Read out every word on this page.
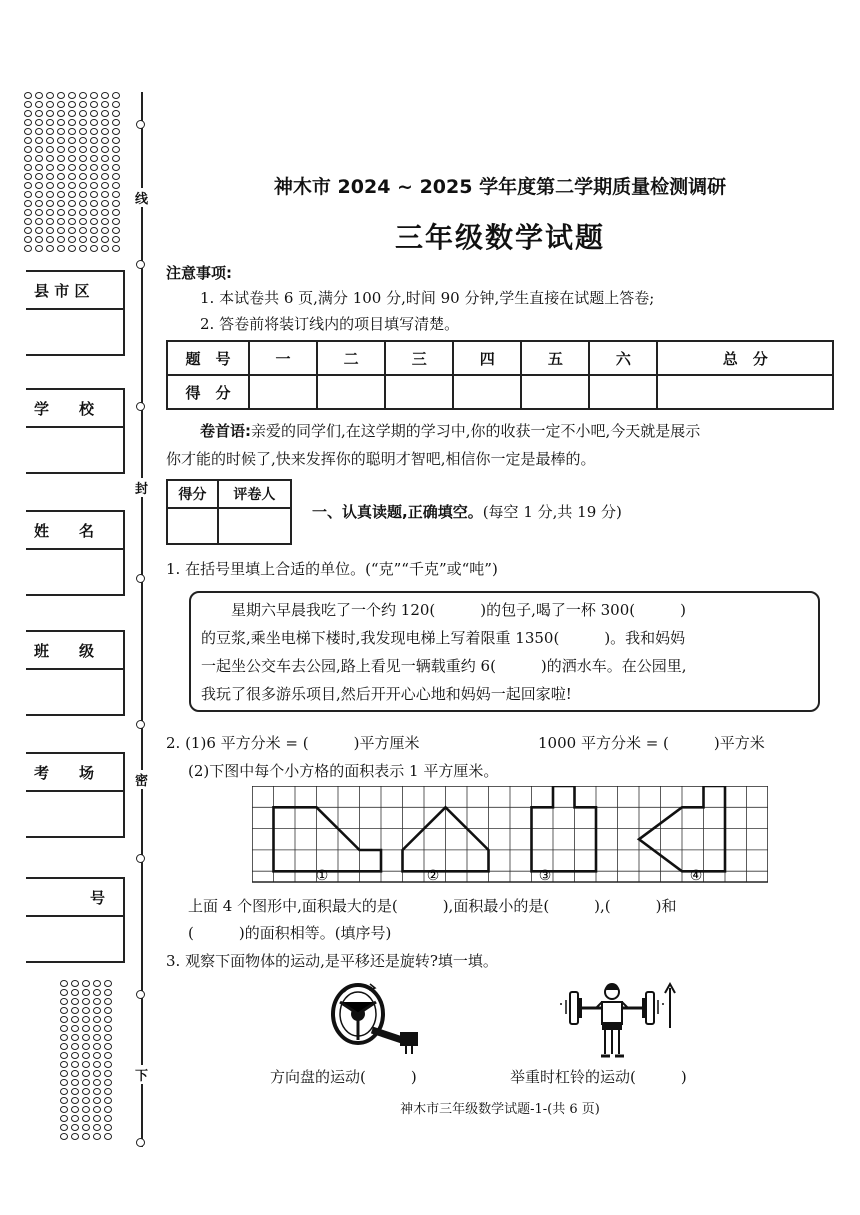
线
封
密
下
县 市 区
学　　校
姓　　名
班　　级
考　　场
号
神木市 2024 ~ 2025 学年度第二学期质量检测调研
三年级数学试题
注意事项:
1. 本试卷共 6 页,满分 100 分,时间 90 分钟,学生直接在试题上答卷;
2. 答卷前将装订线内的项目填写清楚。
题　号	一	二	三	四	五	六	总　分
得　分							
卷首语:亲爱的同学们,在这学期的学习中,你的收获一定不小吧,今天就是展示
你才能的时候了,快来发挥你的聪明才智吧,相信你一定是最棒的。
得分	评卷人

一、认真读题,正确填空。(每空 1 分,共 19 分)
1. 在括号里填上合适的单位。(“克”“千克”或“吨”)

　　星期六早晨我吃了一个约 120(　　　)的包子,喝了一杯 300(　　　)

的豆浆,乘坐电梯下楼时,我发现电梯上写着限重 1350(　　　)。我和妈妈

一起坐公交车去公园,路上看见一辆载重约 6(　　　)的洒水车。在公园里,

我玩了很多游乐项目,然后开开心心地和妈妈一起回家啦!

2. (1)6 平方分米 = (　　　)平方厘米	1000 平方分米 = (　　　)平方米
(2)下图中每个小方格的面积表示 1 平方厘米。
①	②	③	④
上面 4 个图形中,面积最大的是(　　　),面积最小的是(　　　),(　　　)和
(　　　)的面积相等。(填序号)
3. 观察下面物体的运动,是平移还是旋转?填一填。
方向盘的运动(　　　)	举重时杠铃的运动(　　　)
神木市三年级数学试题-1-(共 6 页)
